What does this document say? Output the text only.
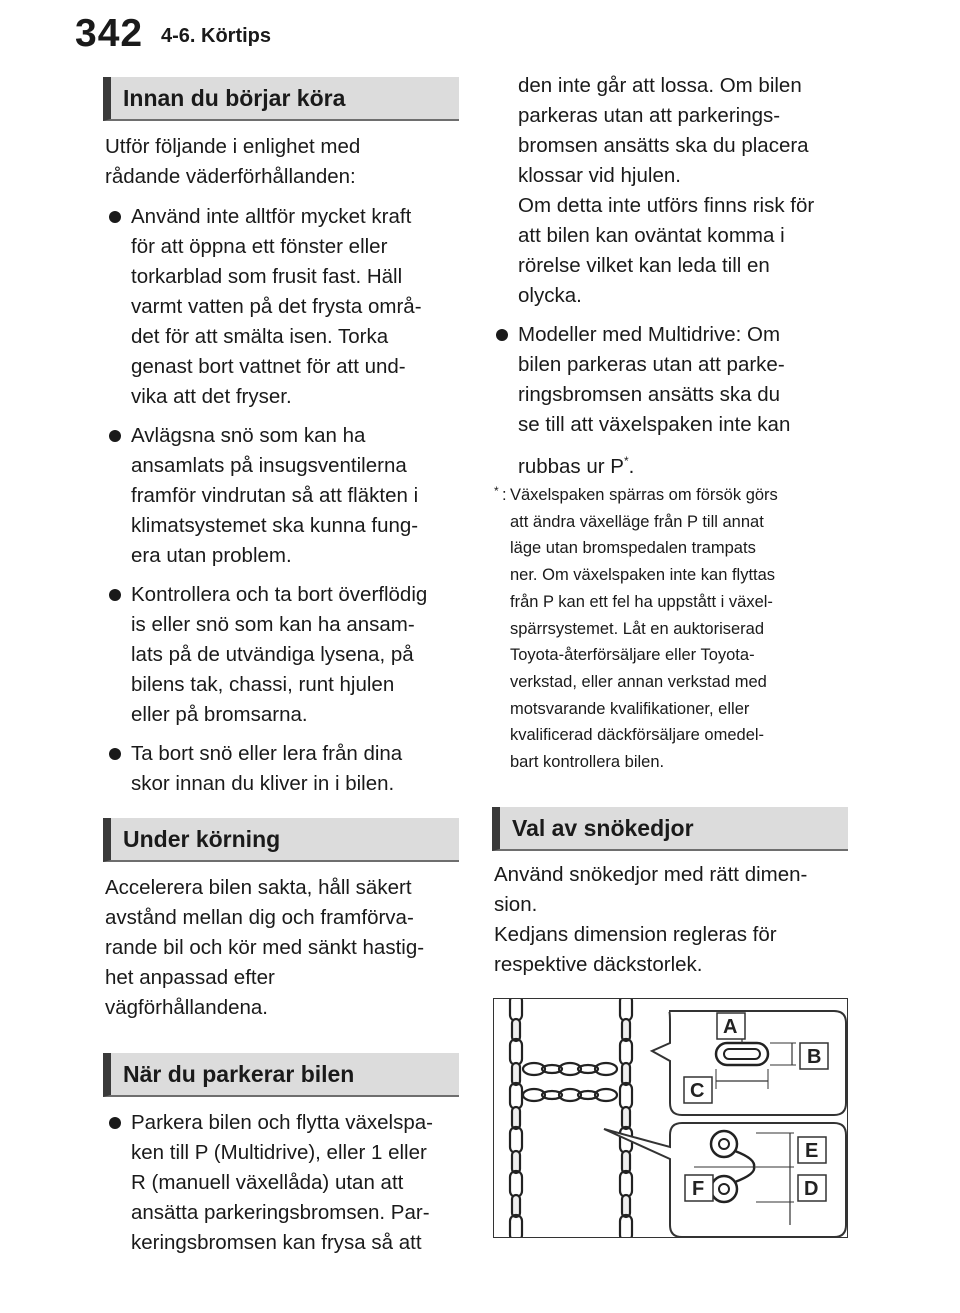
342 4-6. Körtips
Innan du börjar köra

Utför följande i enlighet med
rådande väderförhållanden:

Använd inte alltför mycket kraft
för att öppna ett fönster eller
torkarblad som frusit fast. Häll
varmt vatten på det frysta områ-
det för att smälta isen. Torka
genast bort vattnet för att und-
vika att det fryser.

Avlägsna snö som kan ha
ansamlats på insugsventilerna
framför vindrutan så att fläkten i
klimatsystemet ska kunna fung-
era utan problem.

Kontrollera och ta bort överflödig
is eller snö som kan ha ansam-
lats på de utvändiga lysena, på
bilens tak, chassi, runt hjulen
eller på bromsarna.

Ta bort snö eller lera från dina
skor innan du kliver in i bilen.

Under körning

Accelerera bilen sakta, håll säkert
avstånd mellan dig och framförva-
rande bil och kör med sänkt hastig-
het anpassad efter
vägförhållandena.

När du parkerar bilen

Parkera bilen och flytta växelspa-
ken till P (Multidrive), eller 1 eller
R (manuell växellåda) utan att
ansätta parkeringsbromsen. Par-
keringsbromsen kan frysa så att

den inte går att lossa. Om bilen
parkeras utan att parkerings-
bromsen ansätts ska du placera
klossar vid hjulen.
Om detta inte utförs finns risk för
att bilen kan oväntat komma i
rörelse vilket kan leda till en
olycka.

Modeller med Multidrive: Om
bilen parkeras utan att parke-
ringsbromsen ansätts ska du
se till att växelspaken inte kan

rubbas ur P*.

* : Växelspaken spärras om försök görs
att ändra växelläge från P till annat
läge utan bromspedalen trampats
ner. Om växelspaken inte kan flyttas
från P kan ett fel ha uppstått i växel-
spärrsystemet. Låt en auktoriserad
Toyota-återförsäljare eller Toyota-
verkstad, eller annan verkstad med
motsvarande kvalifikationer, eller
kvalificerad däckförsäljare omedel-
bart kontrollera bilen.
Val av snökedjor

Använd snökedjor med rätt dimen-
sion.
Kedjans dimension regleras för
respektive däckstorlek.

A
B
C
E
F	D
